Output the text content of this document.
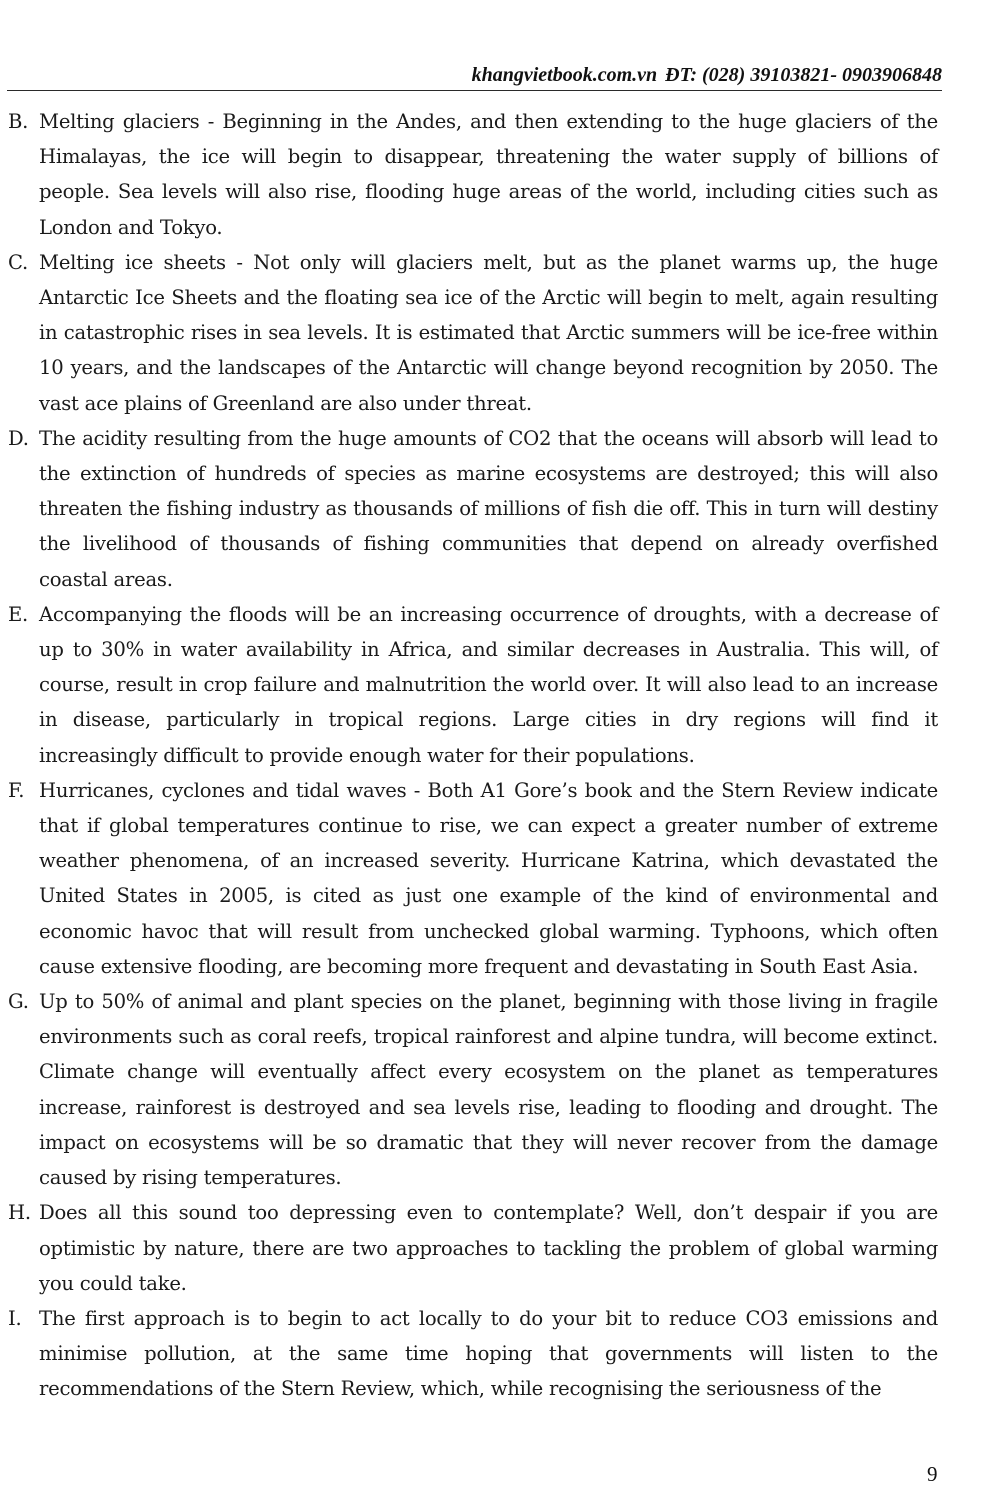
khangvietbook.com.vn ĐT: (028) 39103821- 0903906848

B. Melting glaciers - Beginning in the Andes, and then extending to the huge glaciers of the Himalayas, the ice will begin to disappear, threatening the water supply of billions of people. Sea levels will also rise, flooding huge areas of the world, including cities such as London and Tokyo.

C. Melting ice sheets - Not only will glaciers melt, but as the planet warms up, the huge Antarctic Ice Sheets and the floating sea ice of the Arctic will begin to melt, again resulting in catastrophic rises in sea levels. It is estimated that Arctic summers will be ice-free within 10 years, and the landscapes of the Antarctic will change beyond recognition by 2050. The vast ace plains of Greenland are also under threat.

D. The acidity resulting from the huge amounts of CO2 that the oceans will absorb will lead to the extinction of hundreds of species as marine ecosystems are destroyed; this will also threaten the fishing industry as thousands of millions of fish die off. This in turn will destiny the livelihood of thousands of fishing communities that depend on already overfished coastal areas.

E. Accompanying the floods will be an increasing occurrence of droughts, with a decrease of up to 30% in water availability in Africa, and similar decreases in Australia. This will, of course, result in crop failure and malnutrition the world over. It will also lead to an increase in disease, particularly in tropical regions. Large cities in dry regions will find it increasingly difficult to provide enough water for their populations.

F. Hurricanes, cyclones and tidal waves - Both A1 Gore’s book and the Stern Review indicate that if global temperatures continue to rise, we can expect a greater number of extreme weather phenomena, of an increased severity. Hurricane Katrina, which devastated the United States in 2005, is cited as just one example of the kind of environmental and economic havoc that will result from unchecked global warming. Typhoons, which often cause extensive flooding, are becoming more frequent and devastating in South East Asia.

G. Up to 50% of animal and plant species on the planet, beginning with those living in fragile environments such as coral reefs, tropical rainforest and alpine tundra, will become extinct. Climate change will eventually affect every ecosystem on the planet as temperatures increase, rainforest is destroyed and sea levels rise, leading to flooding and drought. The impact on ecosystems will be so dramatic that they will never recover from the damage caused by rising temperatures.

H. Does all this sound too depressing even to contemplate? Well, don’t despair if you are optimistic by nature, there are two approaches to tackling the problem of global warming you could take.

I. The first approach is to begin to act locally to do your bit to reduce CO3 emissions and minimise pollution, at the same time hoping that governments will listen to the recommendations of the Stern Review, which, while recognising the seriousness of the

9
